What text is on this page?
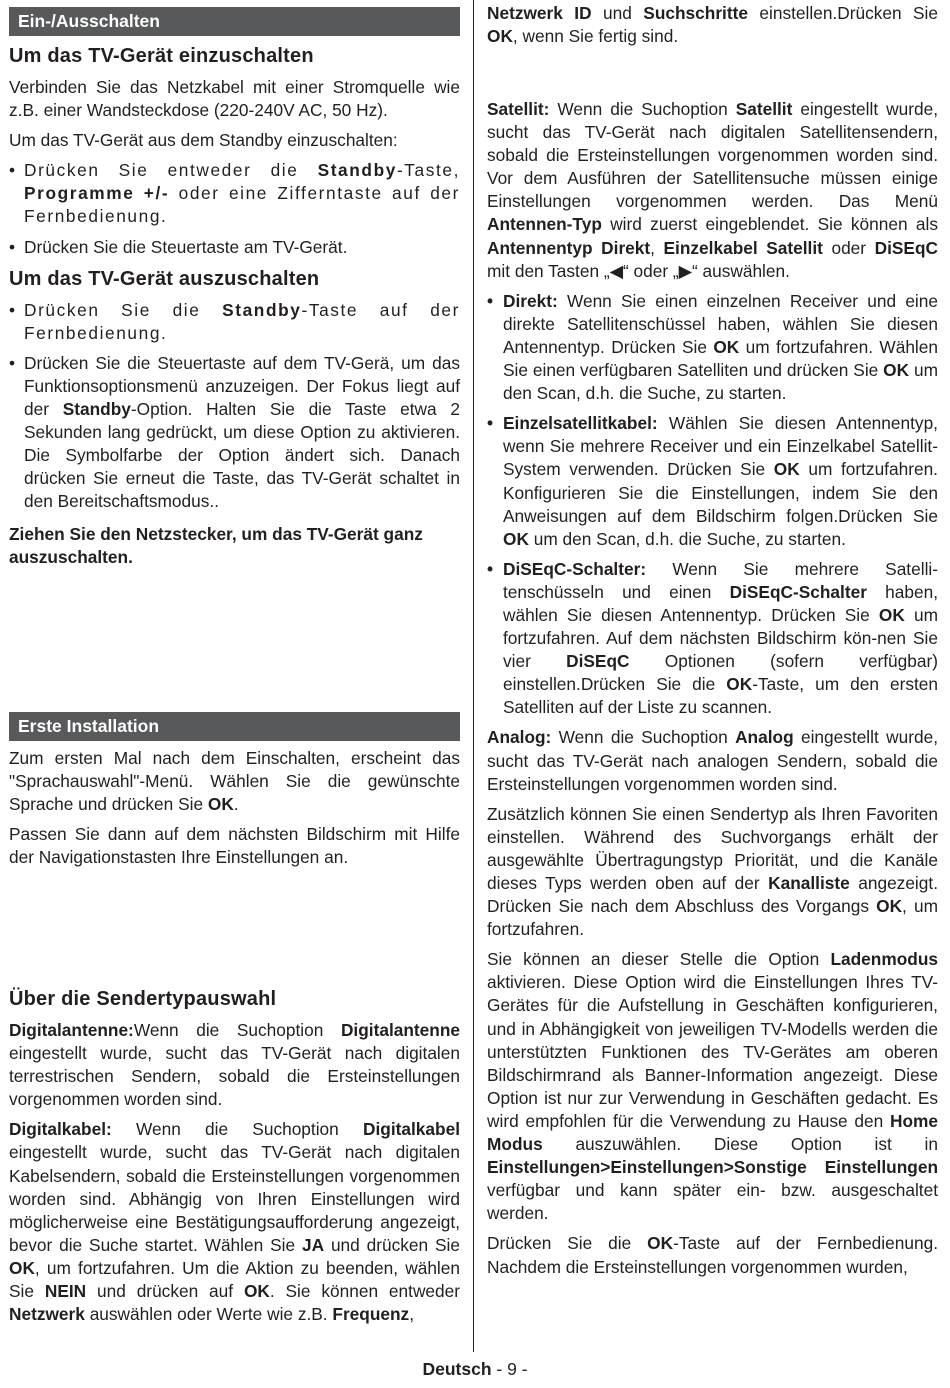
Ein-/Ausschalten
Um das TV-Gerät einzuschalten

Verbinden Sie das Netzkabel mit einer Stromquelle wie z.B. einer Wandsteckdose (220-240V AC, 50 Hz).

Um das TV-Gerät aus dem Standby einzuschalten:

• Drücken Sie entweder die Standby-Taste, Programme +/- oder eine Zifferntaste auf der Fernbedienung.
• Drücken Sie die Steuertaste am TV-Gerät.
Um das TV-Gerät auszuschalten
• Drücken Sie die Standby-Taste auf der Fernbedienung.
• Drücken Sie die Steuertaste auf dem TV-Gerä, um das Funktionsoptionsmenü anzuzeigen. Der Fokus liegt auf der Standby-Option. Halten Sie die Taste etwa 2 Sekunden lang gedrückt, um diese Option zu aktivieren. Die Symbolfarbe der Option ändert sich. Danach drücken Sie erneut die Taste, das TV-Gerät schaltet in den Bereitschaftsmodus..

Ziehen Sie den Netzstecker, um das TV-Gerät ganz auszuschalten.

Erste Installation

Zum ersten Mal nach dem Einschalten, erscheint das "Sprachauswahl"-Menü. Wählen Sie die gewünschte Sprache und drücken Sie OK.

Passen Sie dann auf dem nächsten Bildschirm mit Hilfe der Navigationstasten Ihre Einstellungen an.

Über die Sendertypauswahl

Digitalantenne:Wenn die Suchoption Digitalantenne eingestellt wurde, sucht das TV-Gerät nach digitalen terrestrischen Sendern, sobald die Ersteinstellungen vorgenommen worden sind.

Digitalkabel: Wenn die Suchoption Digitalkabel eingestellt wurde, sucht das TV-Gerät nach digitalen Kabelsendern, sobald die Ersteinstellungen vorgenommen worden sind. Abhängig von Ihren Einstellungen wird möglicherweise eine Bestätigungsaufforderung angezeigt, bevor die Suche startet. Wählen Sie JA und drücken Sie OK, um fortzufahren. Um die Aktion zu beenden, wählen Sie NEIN und drücken auf OK. Sie können entweder Netzwerk auswählen oder Werte wie z.B. Frequenz,

Netzwerk ID und Suchschritte einstellen.Drücken Sie OK, wenn Sie fertig sind.

Satellit: Wenn die Suchoption Satellit eingestellt wurde, sucht das TV-Gerät nach digitalen Satellitensendern, sobald die Ersteinstellungen vorgenommen worden sind. Vor dem Ausführen der Satellitensuche müssen einige Einstellungen vorgenommen werden. Das Menü Antennen-Typ wird zuerst eingeblendet. Sie können als Antennentyp Direkt, Einzelkabel Satellit oder DiSEqC mit den Tasten „◀“ oder „▶“ auswählen.

• Direkt: Wenn Sie einen einzelnen Receiver und eine direkte Satellitenschüssel haben, wählen Sie diesen Antennentyp. Drücken Sie OK um fortzufahren. Wählen Sie einen verfügbaren Satelliten und drücken Sie OK um den Scan, d.h. die Suche, zu starten.
• Einzelsatellitkabel: Wählen Sie diesen Antennentyp, wenn Sie mehrere Receiver und ein Einzelkabel Satellit-System verwenden. Drücken Sie OK um fortzufahren. Konfigurieren Sie die Einstellungen, indem Sie den Anweisungen auf dem Bildschirm folgen.Drücken Sie OK um den Scan, d.h. die Suche, zu starten.
• DiSEqC-Schalter: Wenn Sie mehrere Satelli-tenschüsseln und einen DiSEqC-Schalter haben, wählen Sie diesen Antennentyp. Drücken Sie OK um fortzufahren. Auf dem nächsten Bildschirm kön-nen Sie vier DiSEqC Optionen (sofern verfügbar) einstellen.Drücken Sie die OK-Taste, um den ersten Satelliten auf der Liste zu scannen.

Analog: Wenn die Suchoption Analog eingestellt wurde, sucht das TV-Gerät nach analogen Sendern, sobald die Ersteinstellungen vorgenommen worden sind.

Zusätzlich können Sie einen Sendertyp als Ihren Favoriten einstellen. Während des Suchvorgangs erhält der ausgewählte Übertragungstyp Priorität, und die Kanäle dieses Typs werden oben auf der Kanalliste angezeigt. Drücken Sie nach dem Abschluss des Vorgangs OK, um fortzufahren.

Sie können an dieser Stelle die Option Ladenmodus aktivieren. Diese Option wird die Einstellungen Ihres TV-Gerätes für die Aufstellung in Geschäften konfigurieren, und in Abhängigkeit von jeweiligen TV-Modells werden die unterstützten Funktionen des TV-Gerätes am oberen Bildschirmrand als Banner-Information angezeigt. Diese Option ist nur zur Verwendung in Geschäften gedacht. Es wird empfohlen für die Verwendung zu Hause den Home Modus auszuwählen. Diese Option ist in Einstellungen>Einstellungen>Sonstige Einstellungen verfügbar und kann später ein- bzw. ausgeschaltet werden.

Drücken Sie die OK-Taste auf der Fernbedienung. Nachdem die Ersteinstellungen vorgenommen wurden,

Deutsch - 9 -
